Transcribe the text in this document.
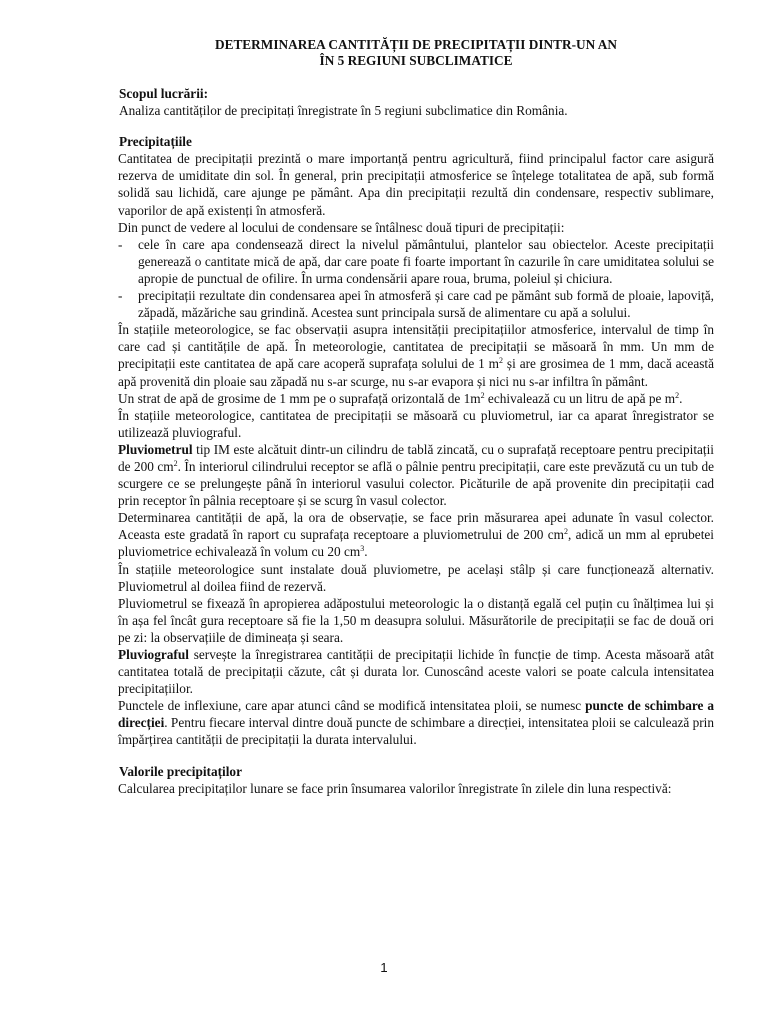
DETERMINAREA CANTITĂȚII DE PRECIPITAȚII DINTR-UN AN

ÎN 5 REGIUNI SUBCLIMATICE

Scopul lucrării:

Analiza cantităților de precipitați înregistrate în 5 regiuni subclimatice din România.

Precipitațiile

Cantitatea de precipitații prezintă o mare importanță pentru agricultură, fiind principalul factor care asigură rezerva de umiditate din sol. În general, prin precipitații atmosferice se înțelege totalitatea de apă, sub formă solidă sau lichidă, care ajunge pe pământ. Apa din precipitații rezultă din condensare, respectiv sublimare, vaporilor de apă existenți în atmosferă.

Din punct de vedere al locului de condensare se întâlnesc două tipuri de precipitații:

- cele în care apa condensează direct la nivelul pământului, plantelor sau obiectelor. Aceste precipitații generează o cantitate mică de apă, dar care poate fi foarte important în cazurile în care umiditatea solului se apropie de punctual de ofilire. În urma condensării apare roua, bruma, poleiul și chiciura.
- precipitații rezultate din condensarea apei în atmosferă și care cad pe pământ sub formă de ploaie, lapoviță, zăpadă, măzăriche sau grindină. Acestea sunt principala sursă de alimentare cu apă a solului.

În stațiile meteorologice, se fac observații asupra intensității precipitațiilor atmosferice, intervalul de timp în care cad și cantitățile de apă. În meteorologie, cantitatea de precipitații se măsoară în mm. Un mm de precipitații este cantitatea de apă care acoperă suprafața solului de 1 $m^2$ și are grosimea de 1 mm, dacă această apă provenită din ploaie sau zăpadă nu s-ar scurge, nu s-ar evapora și nici nu s-ar infiltra în pământ.

Un strat de apă de grosime de 1 mm pe o suprafață orizontală de $1m^2$ echivalează cu un litru de apă pe $m^2$.

În stațiile meteorologice, cantitatea de precipitații se măsoară cu pluviometrul, iar ca aparat înregistrator se utilizează pluviograful.

Pluviometrul tip IM este alcătuit dintr-un cilindru de tablă zincată, cu o suprafață receptoare pentru precipitații de 200 $cm^2$. În interiorul cilindrului receptor se află o pâlnie pentru precipitații, care este prevăzută cu un tub de scurgere ce se prelungește până în interiorul vasului colector. Picăturile de apă provenite din precipitații cad prin receptor în pâlnia receptoare și se scurg în vasul colector.

Determinarea cantității de apă, la ora de observație, se face prin măsurarea apei adunate în vasul colector. Aceasta este gradată în raport cu suprafața receptoare a pluviometrului de 200 $cm^2$, adică un mm al eprubetei pluviometrice echivalează în volum cu 20 $cm^3$.

În stațiile meteorologice sunt instalate două pluviometre, pe același stâlp și care funcționează alternativ. Pluviometrul al doilea fiind de rezervă.

Pluviometrul se fixează în apropierea adăpostului meteorologic la o distanță egală cel puțin cu înălțimea lui și în așa fel încât gura receptoare să fie la 1,50 m deasupra solului. Măsurătorile de precipitații se fac de două ori pe zi: la observațiile de dimineața și seara.

Pluviograful servește la înregistrarea cantității de precipitații lichide în funcție de timp. Acesta măsoară atât cantitatea totală de precipitații căzute, cât și durata lor. Cunoscând aceste valori se poate calcula intensitatea precipitațiilor.

Punctele de inflexiune, care apar atunci când se modifică intensitatea ploii, se numesc puncte de schimbare a direcției. Pentru fiecare interval dintre două puncte de schimbare a direcției, intensitatea ploii se calculează prin împărțirea cantității de precipitații la durata intervalului.

Valorile precipitaților

Calcularea precipitaților lunare se face prin însumarea valorilor înregistrate în zilele din luna respectivă:

1
